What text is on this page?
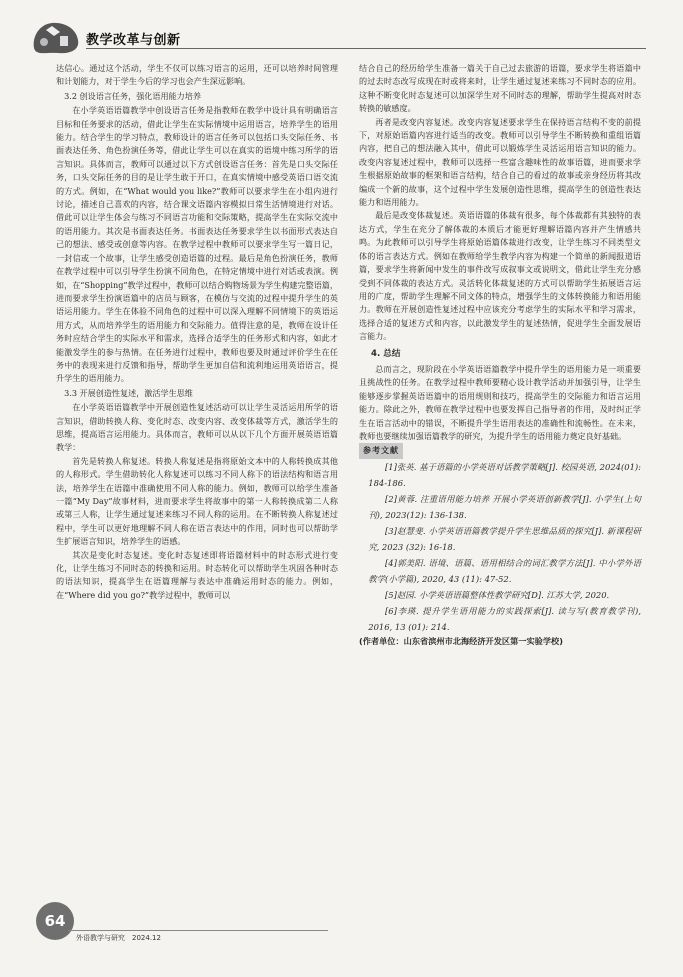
教学改革与创新

达信心。通过这个活动，学生不仅可以练习语言的运用，还可以培养时间管理和计划能力，对于学生今后的学习也会产生深远影响。

3.2 创设语言任务，强化语用能力培养

在小学英语语篇教学中创设语言任务是指教师在教学中设计具有明确语言目标和任务要求的活动，借此让学生在实际情境中运用语言，培养学生的语用能力。结合学生的学习特点，教师设计的语言任务可以包括口头交际任务、书面表达任务、角色扮演任务等，借此让学生可以在真实的语境中练习所学的语言知识。具体而言，教师可以通过以下方式创设语言任务：首先是口头交际任务，口头交际任务的目的是让学生敢于开口，在真实情境中感受英语口语交流的方式。例如，在“What would you like?”教师可以要求学生在小组内进行讨论，描述自己喜欢的内容，结合课文语篇内容模拟日常生活情境进行对话。借此可以让学生体会与练习不同语言功能和交际策略，提高学生在实际交流中的语用能力。其次是书面表达任务。书面表达任务要求学生以书面形式表达自己的想法、感受或创意等内容。在教学过程中教师可以要求学生写一篇日记，一封信或一个故事，让学生感受创造语篇的过程。最后是角色扮演任务，教师在教学过程中可以引导学生扮演不同角色，在特定情境中进行对话或表演。例如，在“Shopping”教学过程中，教师可以结合购物场景为学生构建完整语篇，进而要求学生扮演语篇中的店员与顾客，在模仿与交流的过程中提升学生的英语运用能力。学生在体验不同角色的过程中可以深入理解不同情境下的英语运用方式，从而培养学生的语用能力和交际能力。值得注意的是，教师在设计任务时应结合学生的实际水平和需求，选择合适学生的任务形式和内容，如此才能激发学生的参与热情。在任务进行过程中，教师也要及时通过评价学生在任务中的表现来进行反馈和指导，帮助学生更加自信和流利地运用英语语言，提升学生的语用能力。

3.3 开展创造性复述，激活学生思维

在小学英语语篇教学中开展创造性复述活动可以让学生灵活运用所学的语言知识，借助转换人称、变化时态、改变内容、改变体裁等方式，激活学生的思维，提高语言运用能力。具体而言，教师可以从以下几个方面开展英语语篇教学：

首先是转换人称复述。转换人称复述是指将原始文本中的人称转换成其他的人称形式。学生借助转化人称复述可以练习不同人称下的语法结构和语言用法，培养学生在语篇中准确使用不同人称的能力。例如，教师可以给学生准备一篇“My Day”故事材料，进而要求学生将故事中的第一人称转换成第二人称或第三人称，让学生通过复述来练习不同人称的运用。在不断转换人称复述过程中，学生可以更好地理解不同人称在语言表达中的作用，同时也可以帮助学生扩展语言知识，培养学生的语感。

其次是变化时态复述。变化时态复述即将语篇材料中的时态形式进行变化，让学生练习不同时态的转换和运用。时态转化可以帮助学生巩固各种时态的语法知识，提高学生在语篇理解与表达中准确运用时态的能力。例如，在“Where did you go?”教学过程中，教师可以

结合自己的经历给学生准备一篇关于自己过去旅游的语篇，要求学生将语篇中的过去时态改写成现在时或将来时，让学生通过复述来练习不同时态的应用。这种不断变化时态复述可以加深学生对不同时态的理解，帮助学生提高对时态转换的敏感度。

再者是改变内容复述。改变内容复述要求学生在保持语言结构不变的前提下，对原始语篇内容进行适当的改变。教师可以引导学生不断转换和重组语篇内容，把自己的想法融入其中，借此可以锻炼学生灵活运用语言知识的能力。改变内容复述过程中，教师可以选择一些富含趣味性的故事语篇，进而要求学生根据原始故事的框架和语言结构，结合自己的看过的故事或亲身经历将其改编成一个新的故事，这个过程中学生发展创造性思维，提高学生的创造性表达能力和语用能力。

最后是改变体裁复述。英语语篇的体裁有很多，每个体裁都有其独特的表达方式，学生在充分了解体裁的本质后才能更好理解语篇内容并产生情感共鸣。为此教师可以引导学生将原始语篇体裁进行改变，让学生练习不同类型文体的语言表达方式。例如在教师给学生教学内容为构建一个简单的新闻报道语篇，要求学生将新闻中发生的事件改写成叙事文或说明文，借此让学生充分感受到不同体裁的表达方式。灵活转化体裁复述的方式可以帮助学生拓展语言运用的广度，帮助学生理解不同文体的特点，增强学生的文体转换能力和语用能力。教师在开展创造性复述过程中应该充分考虑学生的实际水平和学习需求，选择合适的复述方式和内容，以此激发学生的复述热情，促进学生全面发展语言能力。

4. 总结

总而言之，现阶段在小学英语语篇教学中提升学生的语用能力是一项重要且挑战性的任务。在教学过程中教师要精心设计教学活动并加强引导，让学生能够逐步掌握英语语篇中的语用规则和技巧，提高学生的交际能力和语言运用能力。除此之外，教师在教学过程中也要发挥自己指导者的作用，及时纠正学生在语言活动中的错误，不断提升学生语用表达的准确性和流畅性。在未来，教师也要继续加强语篇教学的研究，为提升学生的语用能力奠定良好基础。

参考文献

[1]张英. 基于语篇的小学英语对话教学策略[J]. 校园英语, 2024(01): 184-186.

[2]黄蓉. 注重语用能力培养 开展小学英语创新教学[J]. 小学生(上旬刊), 2023(12): 136-138.

[3]赵慧斐. 小学英语语篇教学提升学生思维品质的探究[J]. 新课程研究, 2023 (32): 16-18.

[4]郭美阳. 语境、语篇、语用相结合的词汇教学方法[J]. 中小学外语教学(小学篇), 2020, 43 (11): 47-52.

[5]赵园. 小学英语语篇整体性教学研究[D]. 江苏大学, 2020.

[6]李瑛. 提升学生语用能力的实践探索[J]. 读与写(教育教学刊), 2016, 13 (01): 214.

(作者单位：山东省滨州市北海经济开发区第一实验学校)

64
外语教学与研究　2024.12
